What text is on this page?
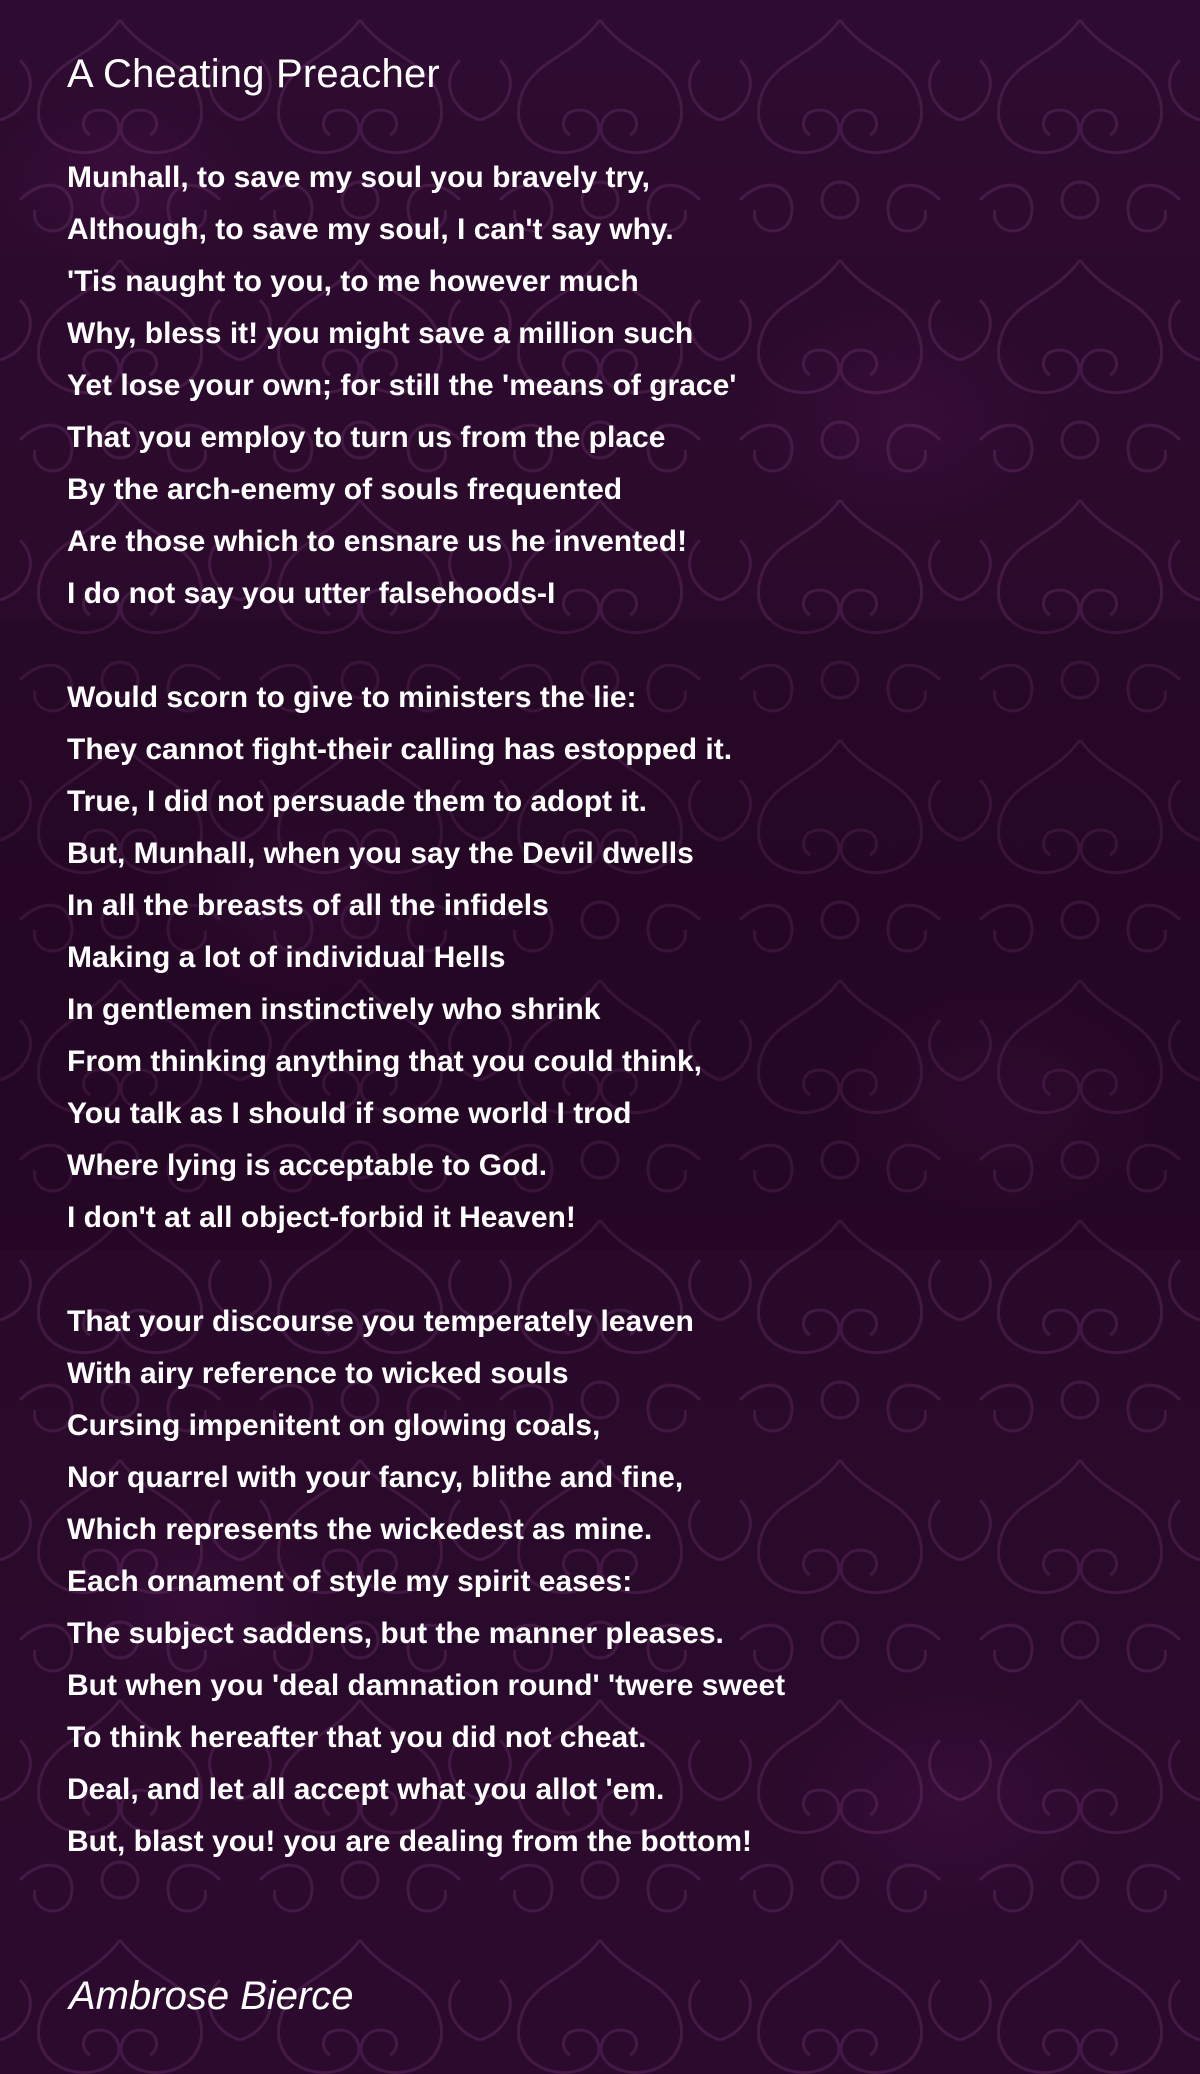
A Cheating Preacher
Munhall, to save my soul you bravely try,
Although, to save my soul, I can't say why.
'Tis naught to you, to me however much
Why, bless it! you might save a million such
Yet lose your own; for still the 'means of grace'
That you employ to turn us from the place
By the arch-enemy of souls frequented
Are those which to ensnare us he invented!
I do not say you utter falsehoods-I
Would scorn to give to ministers the lie:
They cannot fight-their calling has estopped it.
True, I did not persuade them to adopt it.
But, Munhall, when you say the Devil dwells
In all the breasts of all the infidels
Making a lot of individual Hells
In gentlemen instinctively who shrink
From thinking anything that you could think,
You talk as I should if some world I trod
Where lying is acceptable to God.
I don't at all object-forbid it Heaven!
That your discourse you temperately leaven
With airy reference to wicked souls
Cursing impenitent on glowing coals,
Nor quarrel with your fancy, blithe and fine,
Which represents the wickedest as mine.
Each ornament of style my spirit eases:
The subject saddens, but the manner pleases.
But when you 'deal damnation round' 'twere sweet
To think hereafter that you did not cheat.
Deal, and let all accept what you allot 'em.
But, blast you! you are dealing from the bottom!
Ambrose Bierce
